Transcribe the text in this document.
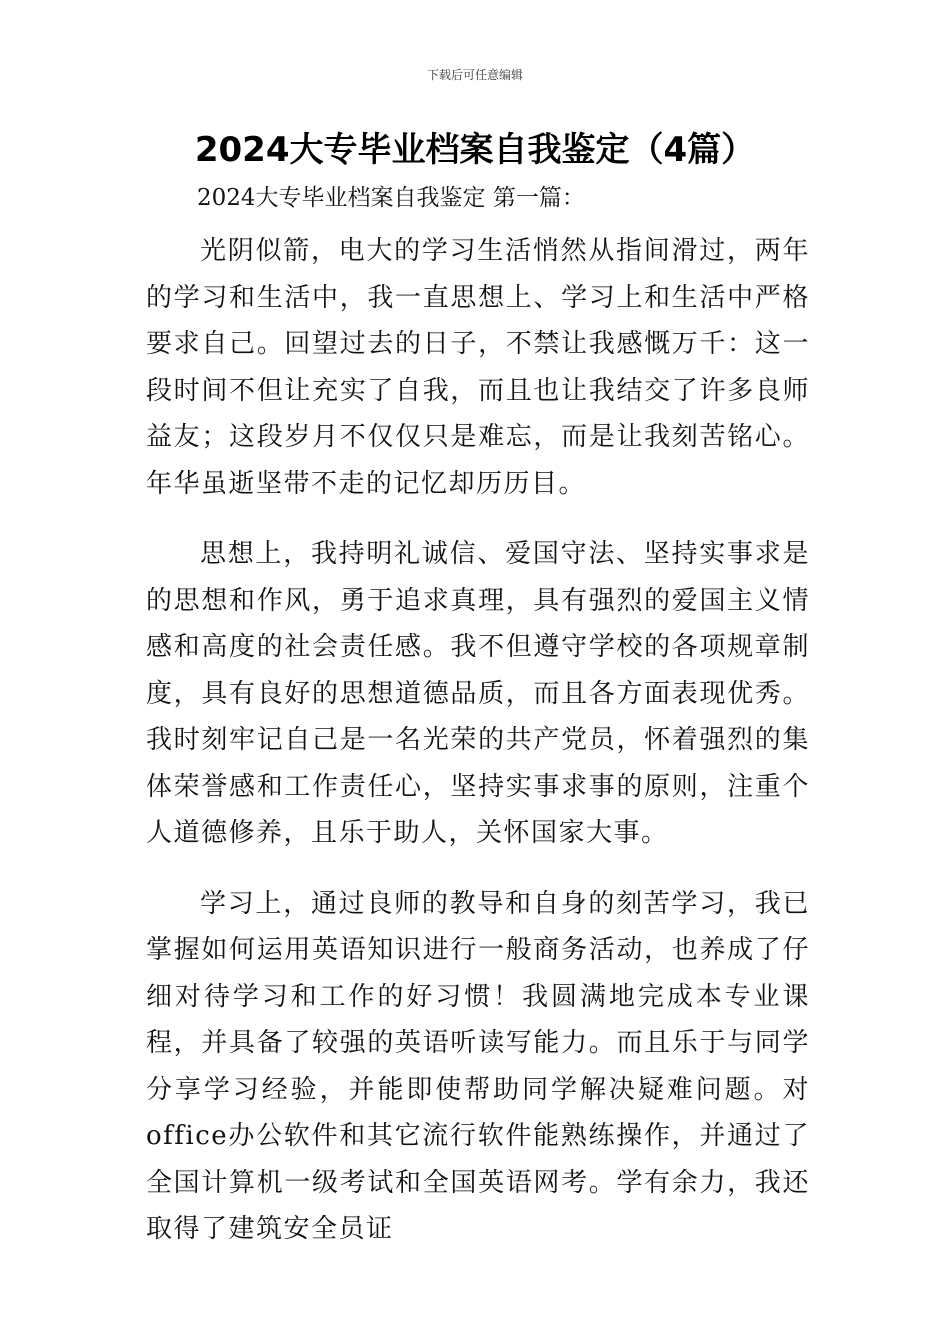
下载后可任意编辑
2024大专毕业档案自我鉴定（4篇）
2024大专毕业档案自我鉴定 第一篇：

光阴似箭，电大的学习生活悄然从指间滑过，两年的学习和生活中，我一直思想上、学习上和生活中严格要求自己。回望过去的日子，不禁让我感慨万千：这一段时间不但让充实了自我，而且也让我结交了许多良师益友；这段岁月不仅仅只是难忘，而是让我刻苦铭心。年华虽逝坚带不走的记忆却历历目。

思想上，我持明礼诚信、爱国守法、坚持实事求是的思想和作风，勇于追求真理，具有强烈的爱国主义情感和高度的社会责任感。我不但遵守学校的各项规章制度，具有良好的思想道德品质，而且各方面表现优秀。我时刻牢记自己是一名光荣的共产党员，怀着强烈的集体荣誉感和工作责任心，坚持实事求事的原则，注重个人道德修养，且乐于助人，关怀国家大事。

学习上，通过良师的教导和自身的刻苦学习，我已掌握如何运用英语知识进行一般商务活动，也养成了仔细对待学习和工作的好习惯！我圆满地完成本专业课程，并具备了较强的英语听读写能力。而且乐于与同学分享学习经验，并能即使帮助同学解决疑难问题。对office办公软件和其它流行软件能熟练操作，并通过了全国计算机一级考试和全国英语网考。学有余力，我还取得了建筑安全员证
